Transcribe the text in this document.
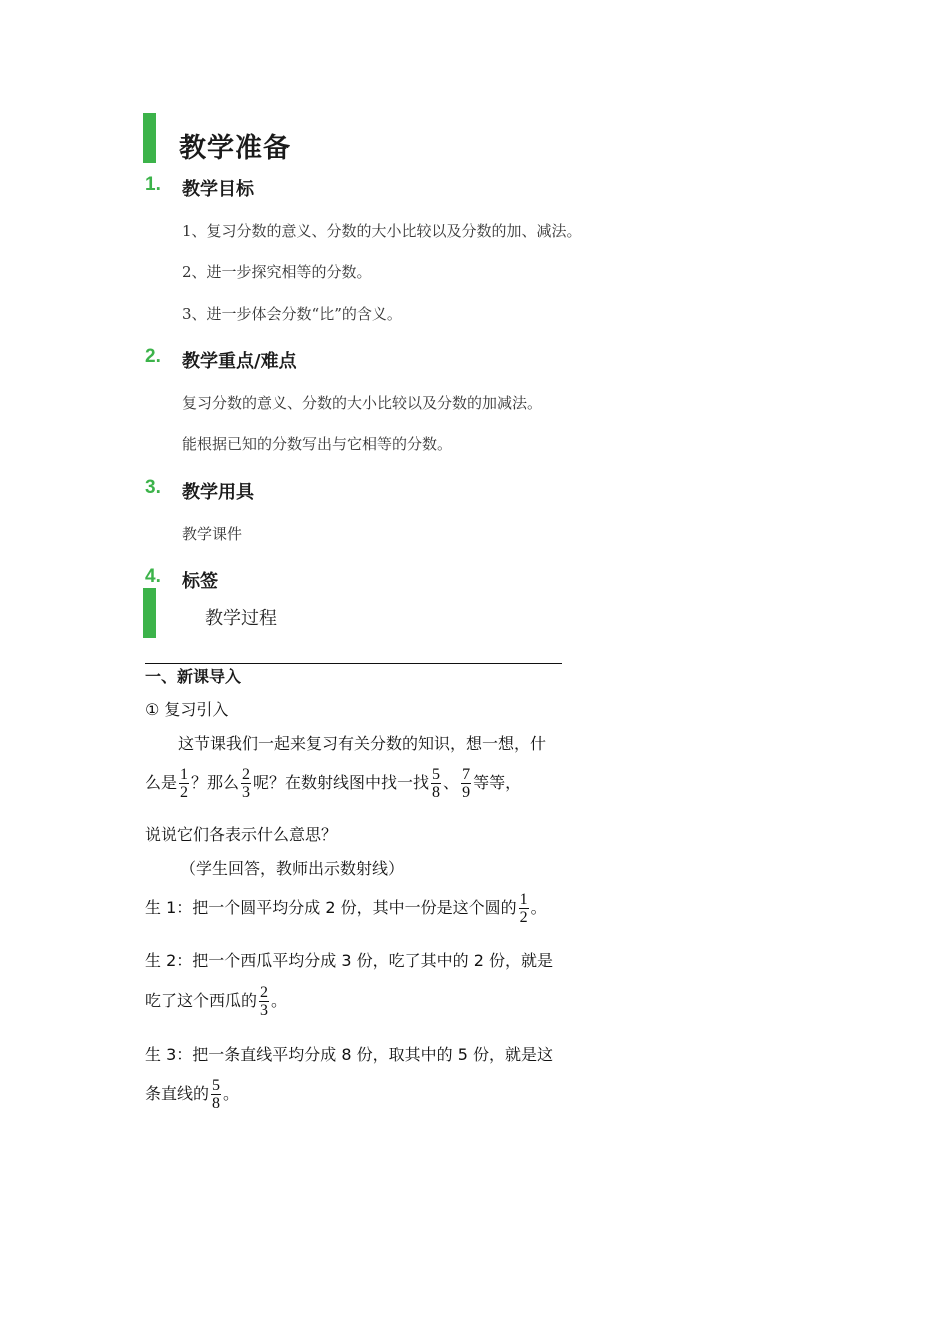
教学准备
1. 教学目标
1、复习分数的意义、分数的大小比较以及分数的加、减法。
2、进一步探究相等的分数。
3、进一步体会分数“比”的含义。
2. 教学重点/难点
复习分数的意义、分数的大小比较以及分数的加减法。
能根据已知的分数写出与它相等的分数。
3. 教学用具
教学课件
4. 标签
教学过程
一、新课导入
① 复习引入
这节课我们一起来复习有关分数的知识，想一想，什
么是 $\frac{1}{2}$ ？那么 $\frac{2}{3}$ 呢？在数射线图中找一找 $\frac{5}{8}$ 、 $\frac{7}{9}$ 等等，
说说它们各表示什么意思？
（学生回答，教师出示数射线）
生 1：把一个圆平均分成 2 份，其中一份是这个圆的 $\frac{1}{2}$ 。
生 2：把一个西瓜平均分成 3 份，吃了其中的 2 份，就是
吃了这个西瓜的 $\frac{2}{3}$ 。
生 3：把一条直线平均分成 8 份，取其中的 5 份，就是这
条直线的 $\frac{5}{8}$ 。
